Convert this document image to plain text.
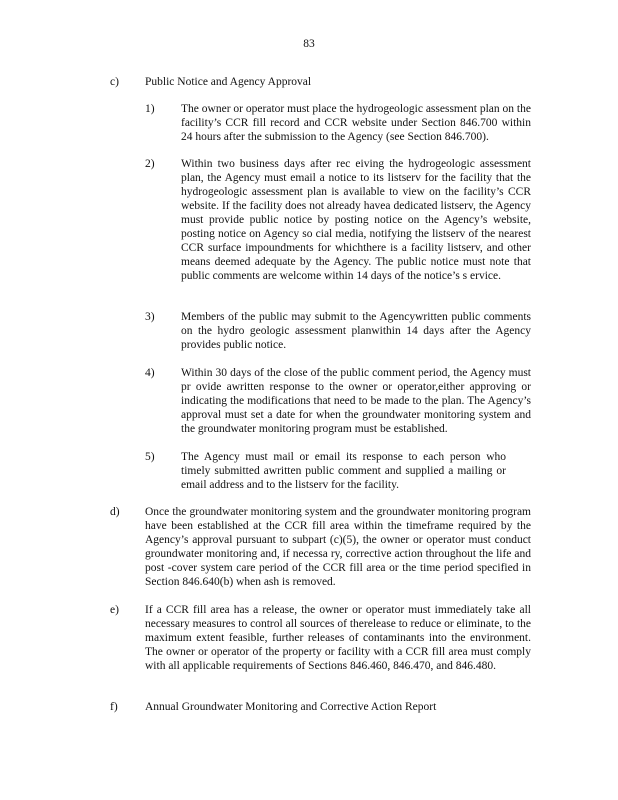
83
c) Public Notice and Agency Approval
1) The owner or operator must place the hydrogeologic assessment plan on the facility’s CCR fill record and CCR website under Section 846.700 within 24 hours after the submission to the Agency (see Section 846.700).
2) Within two business days after rec eiving the hydrogeologic assessment plan, the Agency must email a notice to its listserv for the facility that the hydrogeologic assessment plan is available to view on the facility’s CCR website. If the facility does not already havea dedicated listserv, the Agency must provide public notice by posting notice on the Agency’s website, posting notice on Agency so cial media, notifying the listserv of the nearest CCR surface impoundments for whichthere is a facility listserv, and other means deemed adequate by the Agency. The public notice must note that public comments are welcome within 14 days of the notice’s s ervice.
3) Members of the public may submit to the Agencywritten public comments on the hydro geologic assessment planwithin 14 days after the Agency provides public notice.
4) Within 30 days of the close of the public comment period, the Agency must pr ovide awritten response to the owner or operator,either approving or indicating the modifications that need to be made to the plan. The Agency’s approval must set a date for when the groundwater monitoring system and the groundwater monitoring program must be established.
5) The Agency must mail or email its response to each person who timely submitted awritten public comment and supplied a mailing or email address and to the listserv for the facility.
d) Once the groundwater monitoring system and the groundwater monitoring program have been established at the CCR fill area within the timeframe required by the Agency’s approval pursuant to subpart (c)(5), the owner or operator must conduct groundwater monitoring and, if necessa ry, corrective action throughout the life and post -cover system care period of the CCR fill area or the time period specified in Section 846.640(b) when ash is removed.
e) If a CCR fill area has a release, the owner or operator must immediately take all necessary measures to control all sources of therelease to reduce or eliminate, to the maximum extent feasible, further releases of contaminants into the environment. The owner or operator of the property or facility with a CCR fill area must comply with all applicable requirements of Sections 846.460, 846.470, and 846.480.
f) Annual Groundwater Monitoring and Corrective Action Report
